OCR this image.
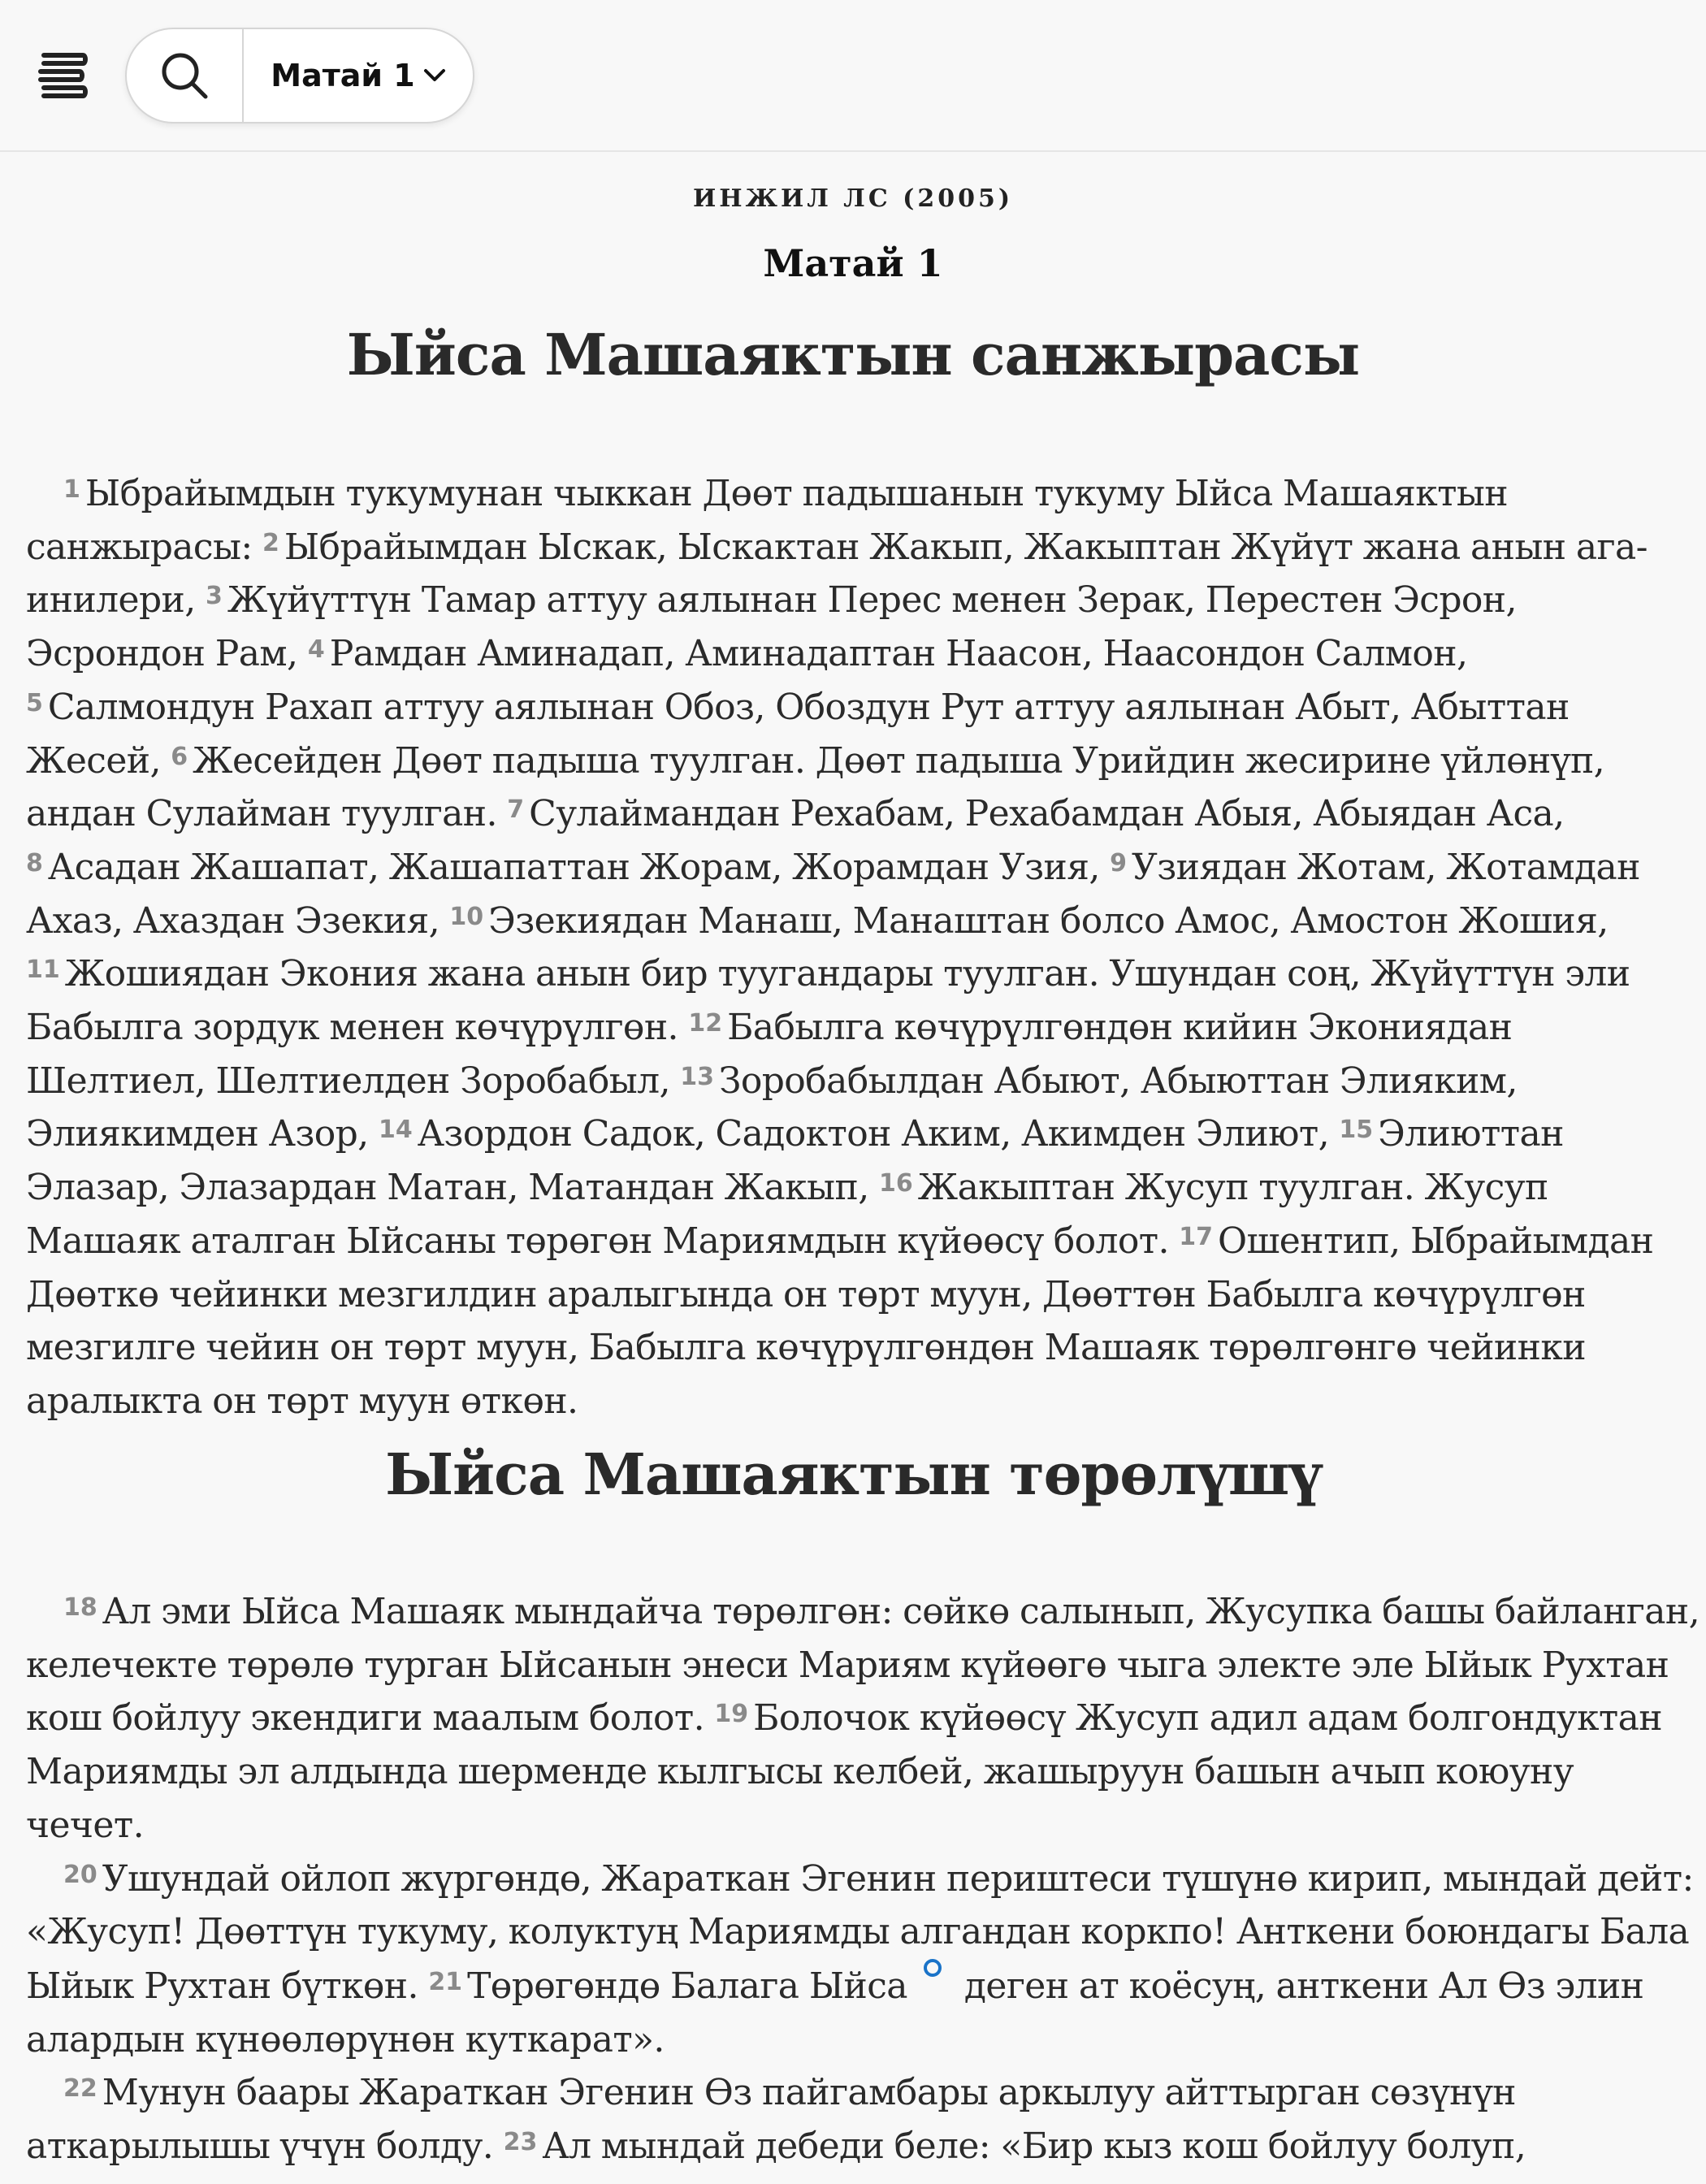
Матай 1
ИНЖИЛ ЛС (2005)
Матай 1
Ыйса Машаяктын санжырасы

$^1$ Ыбрайымдын тукумунан чыккан Дөөт падышанын тукуму Ыйса Машаяктын санжырасы: $^2$ Ыбрайымдан Ыскак, Ыскактан Жакып, Жакыптан Жүйүт жана анын ага-инилери, $^3$ Жүйүттүн Тамар аттуу аялынан Перес менен Зерак, Перестен Эсрон, Эсрондон Рам, $^4$ Рамдан Аминадап, Аминадаптан Наасон, Наасондон Салмон, $^5$ Салмондун Рахап аттуу аялынан Обоз, Обоздун Рут аттуу аялынан Абыт, Абыттан Жесей, $^6$ Жесейден Дөөт падыша туулган. Дөөт падыша Урийдин жесирине үйлөнүп, андан Сулайман туулган. $^7$ Сулаймандан Рехабам, Рехабамдан Абыя, Абыядан Аса, $^8$ Асадан Жашапат, Жашапаттан Жорам, Жорамдан Узия, $^9$ Узиядан Жотам, Жотамдан Ахаз, Ахаздан Эзекия, $^{10}$ Эзекиядан Манаш, Манаштан болсо Амос, Амостон Жошия, $^{11}$ Жошиядан Экония жана анын бир туугандары туулган. Ушундан соң, Жүйүттүн эли Бабылга зордук менен көчүрүлгөн. $^{12}$ Бабылга көчүрүлгөндөн кийин Экониядан Шелтиел, Шелтиелден Зоробабыл, $^{13}$ Зоробабылдан Абыют, Абыюттан Элияким, Элиякимден Азор, $^{14}$ Азордон Садок, Садоктон Аким, Акимден Элиют, $^{15}$ Элиюттан Элазар, Элазардан Матан, Матандан Жакып, $^{16}$ Жакыптан Жусуп туулган. Жусуп Машаяк аталган Ыйсаны төрөгөн Мариямдын күйөөсү болот. $^{17}$ Ошентип, Ыбрайымдан Дөөткө чейинки мезгилдин аралыгында он төрт муун, Дөөттөн Бабылга көчүрүлгөн мезгилге чейин он төрт муун, Бабылга көчүрүлгөндөн Машаяк төрөлгөнгө чейинки аралыкта он төрт муун өткөн.

Ыйса Машаяктын төрөлүшү

$^{18}$ Ал эми Ыйса Машаяк мындайча төрөлгөн: сөйкө салынып, Жусупка башы байланган, келечекте төрөлө турган Ыйсанын энеси Мариям күйөөгө чыга электе эле Ыйык Рухтан кош бойлуу экендиги маалым болот. $^{19}$ Болочок күйөөсү Жусуп адил адам болгондуктан Мариямды эл алдында шермендe кылгысы келбей, жашыруун башын ачып коюуну чечет.

$^{20}$ Ушундай ойлоп жүргөндө, Жараткан Эгенин периштеси түшүнө кирип, мындай дейт: «Жусуп! Дөөттүн тукуму, колуктуң Мариямды алгандан коркпо! Анткени боюндагы Бала Ыйык Рухтан бүткөн. $^{21}$ Төрөгөндө Балага Ыйса деген ат коёсуң, анткени Ал Өз элин алардын күнөөлөрүнөн куткарат».

$^{22}$ Мунун баары Жараткан Эгенин Өз пайгамбары аркылуу айттырган сөзүнүн аткарылышы үчүн болду. $^{23}$ Ал мындай дебеди беле: «Бир кыз кош бойлуу болуп,
